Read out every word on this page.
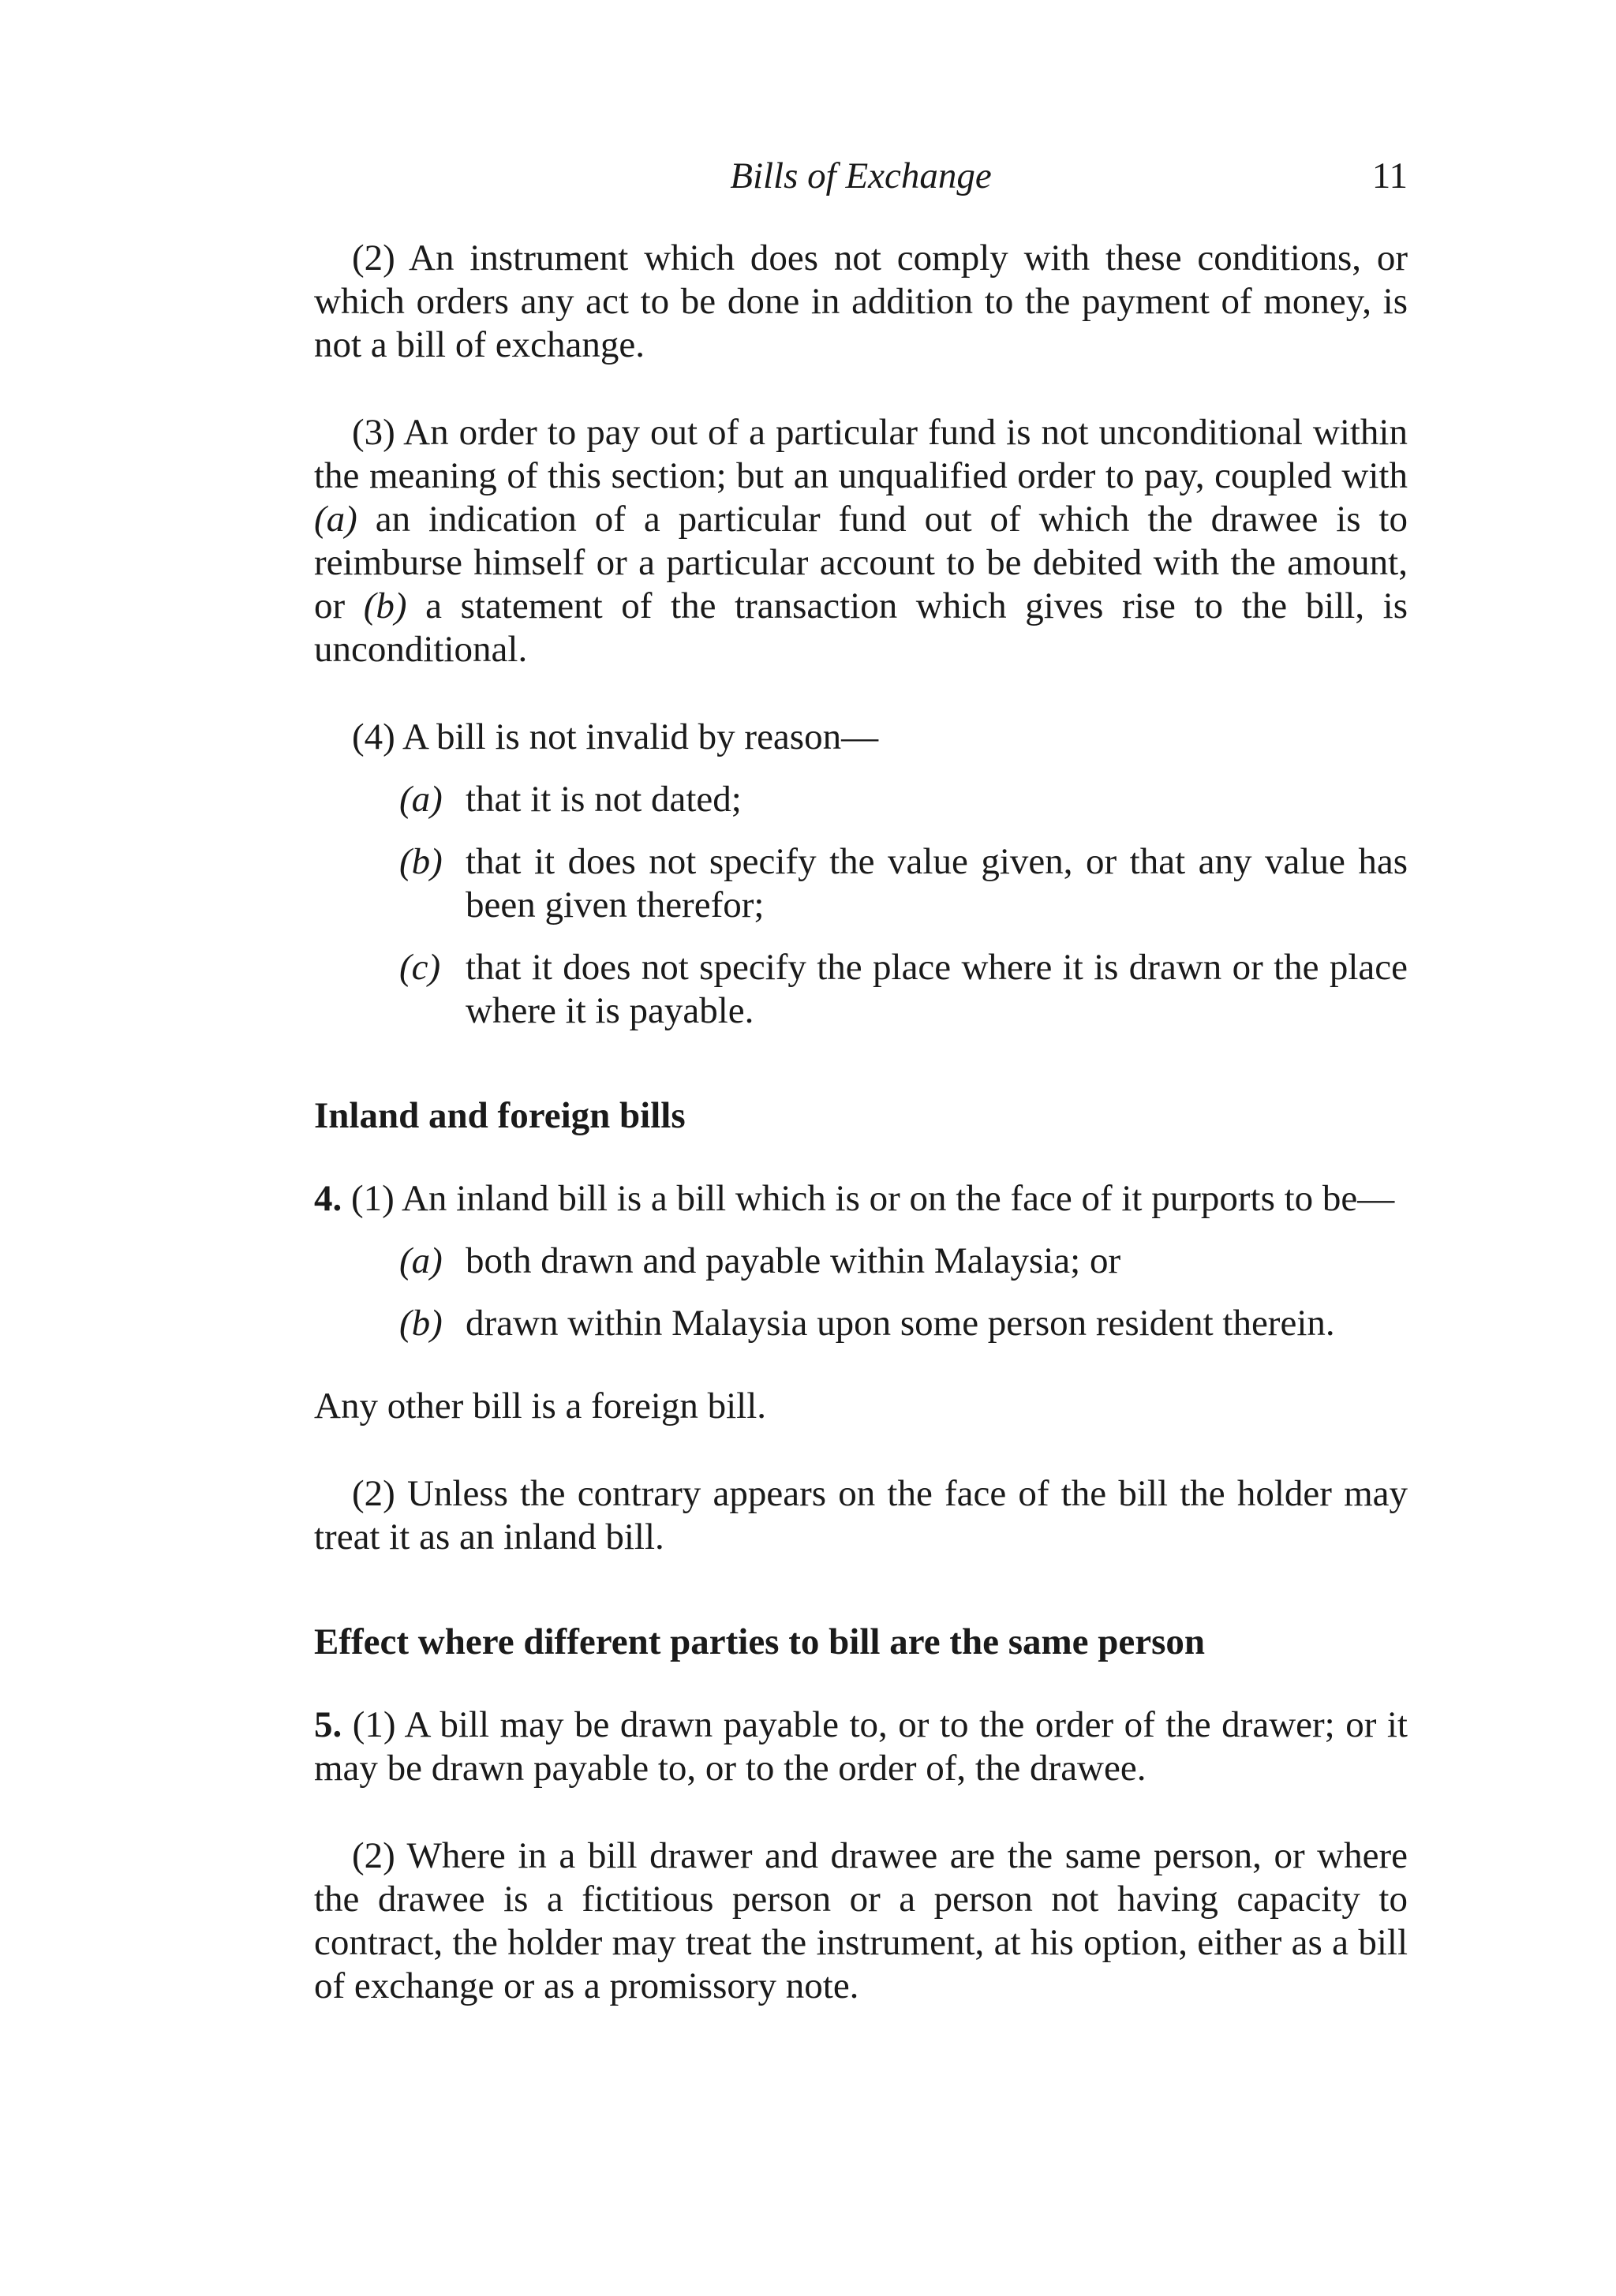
Bills of Exchange	11

(2) An instrument which does not comply with these conditions, or which orders any act to be done in addition to the payment of money, is not a bill of exchange.

(3) An order to pay out of a particular fund is not unconditional within the meaning of this section; but an unqualified order to pay, coupled with (a) an indication of a particular fund out of which the drawee is to reimburse himself or a particular account to be debited with the amount, or (b) a statement of the transaction which gives rise to the bill, is unconditional.

(4) A bill is not invalid by reason—

(a) that it is not dated;
(b) that it does not specify the value given, or that any value has been given therefor;
(c) that it does not specify the place where it is drawn or the place where it is payable.

Inland and foreign bills

4. (1) An inland bill is a bill which is or on the face of it purports to be—

(a) both drawn and payable within Malaysia; or
(b) drawn within Malaysia upon some person resident therein.

Any other bill is a foreign bill.

(2) Unless the contrary appears on the face of the bill the holder may treat it as an inland bill.

Effect where different parties to bill are the same person

5. (1) A bill may be drawn payable to, or to the order of the drawer; or it may be drawn payable to, or to the order of, the drawee.

(2) Where in a bill drawer and drawee are the same person, or where the drawee is a fictitious person or a person not having capacity to contract, the holder may treat the instrument, at his option, either as a bill of exchange or as a promissory note.
